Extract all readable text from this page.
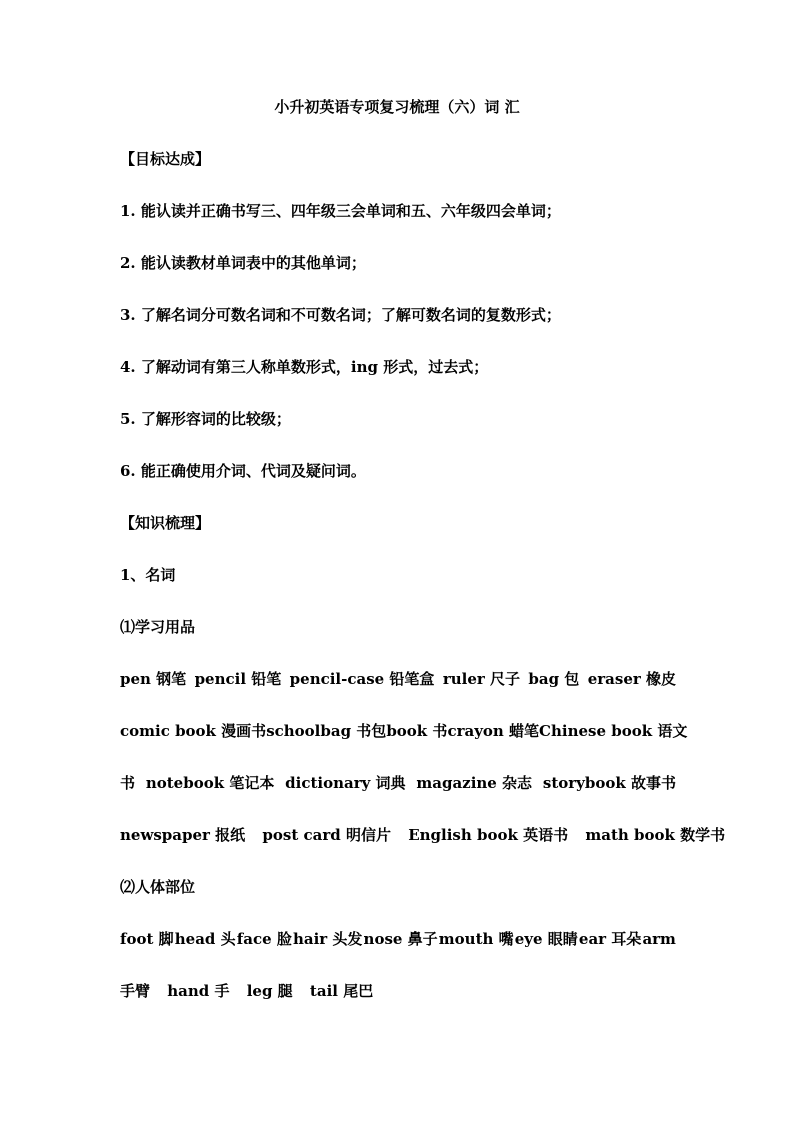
小升初英语专项复习梳理（六）词 汇
【目标达成】
1. 能认读并正确书写三、四年级三会单词和五、六年级四会单词；
2. 能认读教材单词表中的其他单词；
3. 了解名词分可数名词和不可数名词；了解可数名词的复数形式；
4. 了解动词有第三人称单数形式，ing 形式，过去式；
5. 了解形容词的比较级；
6. 能正确使用介词、代词及疑问词。
【知识梳理】
1、名词
⑴学习用品
pen 钢笔 pencil 铅笔 pencil-case 铅笔盒 ruler 尺子 bag 包 eraser 橡皮
comic book 漫画书 schoolbag 书包 book 书 crayon 蜡笔 Chinese book 语文
书 notebook 笔记本 dictionary 词典 magazine 杂志 storybook 故事书
newspaper 报纸 post card 明信片 English book 英语书 math book 数学书
⑵人体部位
foot 脚 head 头 face 脸 hair 头发 nose 鼻子 mouth 嘴 eye 眼睛 ear 耳朵 arm
手臂 hand 手 leg 腿 tail 尾巴
